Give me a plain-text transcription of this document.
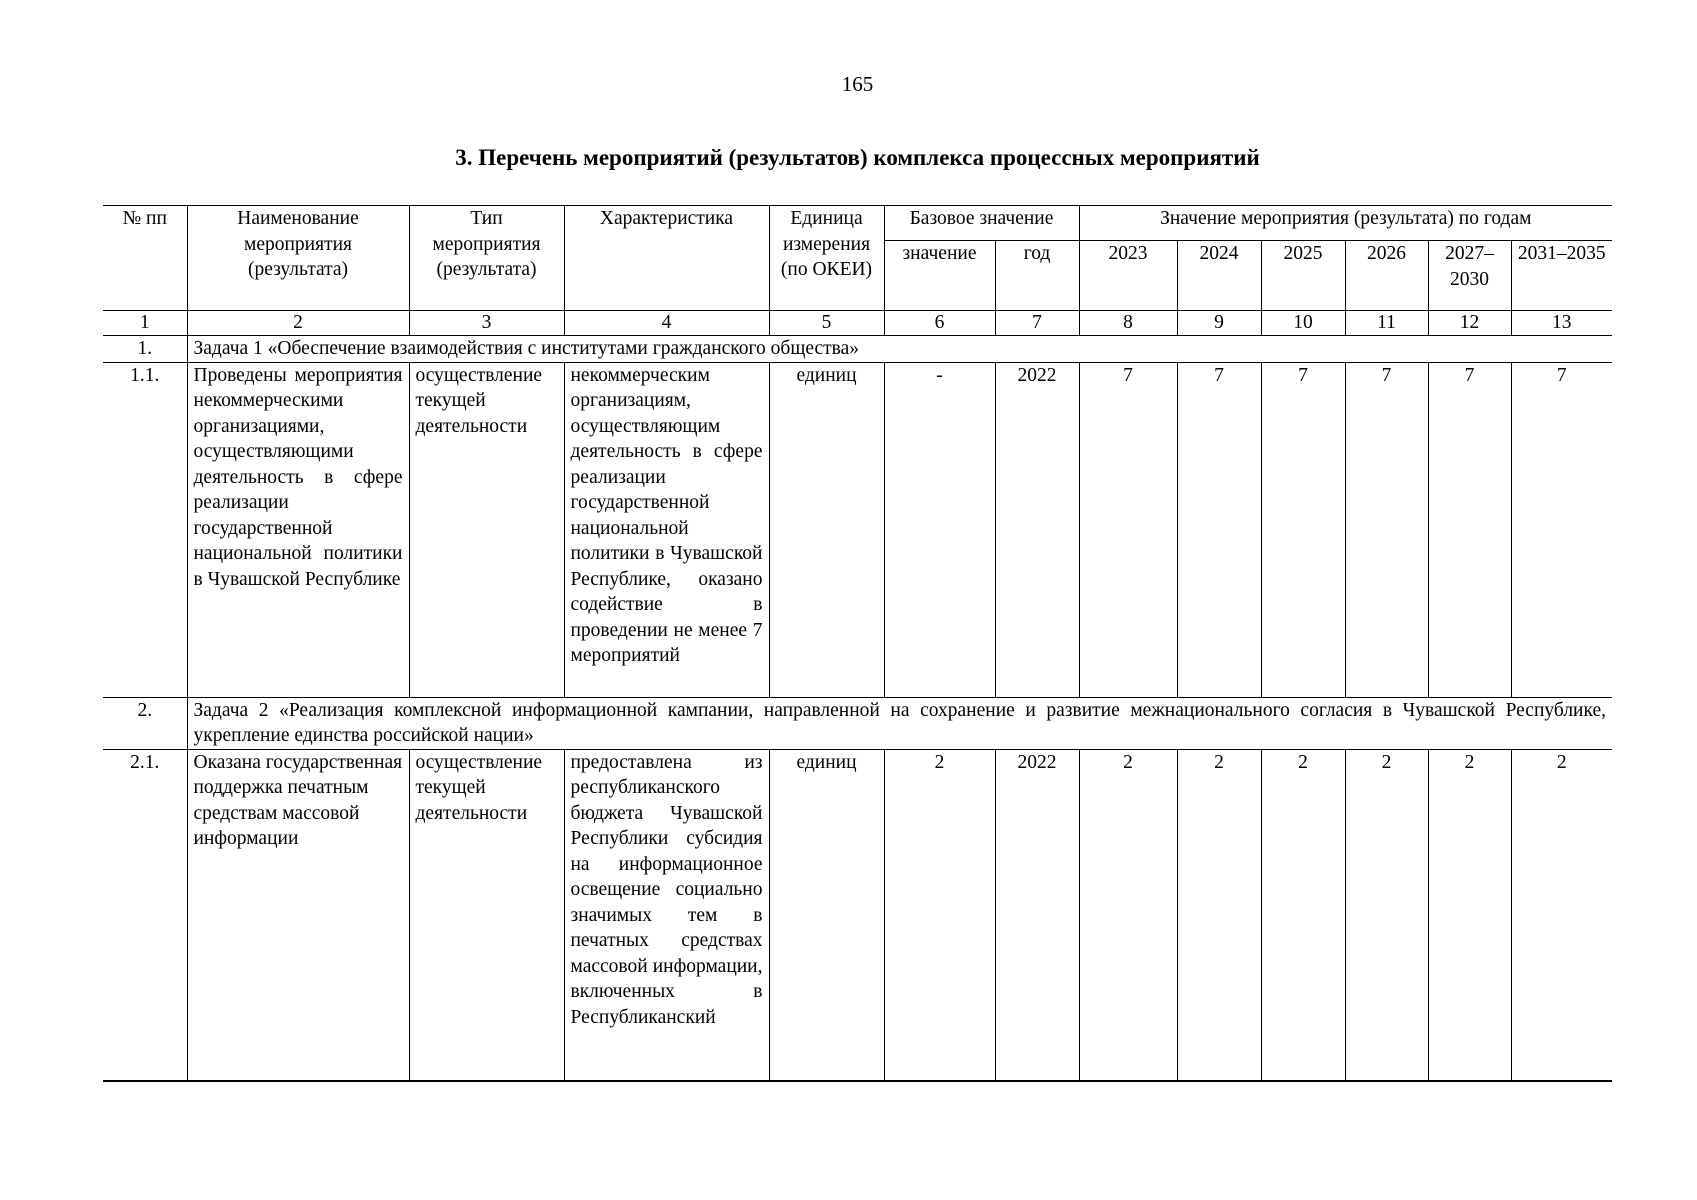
165
3. Перечень мероприятий (результатов) комплекса процессных мероприятий
№ пп	Наименование мероприятия (результата)	Тип мероприятия (результата)	Характеристика	Единица измерения (по ОКЕИ)	Базовое значение		Значение мероприятия (результата) по годам					
					значение	год	2023	2024	2025	2026	2027–2030	2031–2035
1	2	3	4	5	6	7	8	9	10	11	12	13
1.	Задача 1 «Обеспечение взаимодействия с институтами гражданского общества»											
1.1.	Проведены мероприятия некоммерческими организациями, осуществляющими деятельность в сфере реализации государственной национальной политики в Чувашской Республике	осуществление текущей деятельности	некоммерческим организациям, осуществляющим деятельность в сфере реализации государственной национальной политики в Чувашской Республике, оказано содействие в проведении не менее 7 мероприятий	единиц	-	2022	7	7	7	7	7	7
2.	Задача 2 «Реализация комплексной информационной кампании, направленной на сохранение и развитие межнационального согласия в Чувашской Республике, укрепление единства российской нации»											
2.1.	Оказана государственная поддержка печатным средствам массовой информации	осуществление текущей деятельности	предоставлена из республиканского бюджета Чувашской Республики субсидия на информационное освещение социально значимых тем в печатных средствах массовой информации, включенных в Республиканский	единиц	2	2022	2	2	2	2	2	2
